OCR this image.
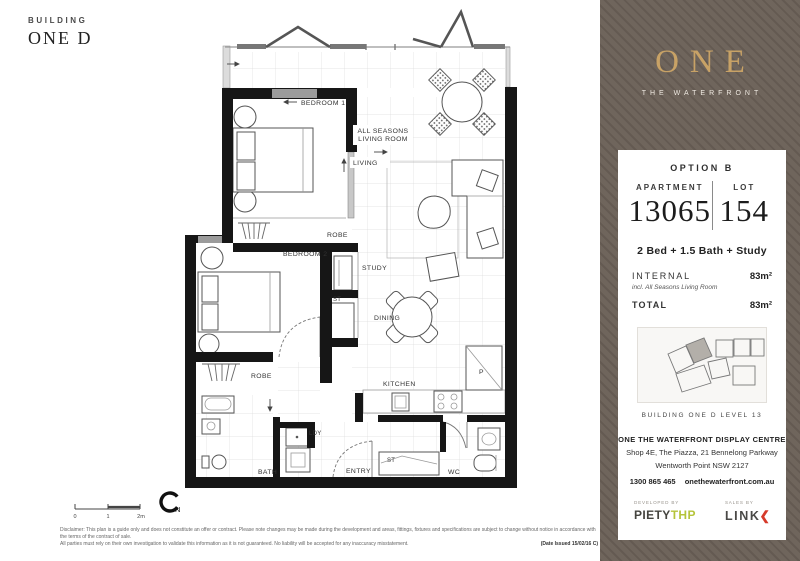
BUILDING
ONE D
BEDROOM 1
ALL SEASONS
LIVING ROOM
LIVING
ROBE
BEDROOM 2
STUDY
ST
DINING
ROBE
KITCHEN
P
LDY
BATH	ENTRY
ST
WC
0	1	2m
N
Disclaimer: This plan is a guide only and does not constitute an offer or contract. Please note changes may be made during the development and areas, fittings, fixtures and specifications are subject to change without notice in accordance with the terms of the contract of sale.
All parties must rely on their own investigation to validate this information as it is not guaranteed. No liability will be accepted for any inaccuracy misstatement.	(Date Issued 15/02/16 C)
ONE
THE WATERFRONT
OPTION B
APARTMENT
13065
LOT
154
2 Bed + 1.5 Bath + Study
INTERNAL	83m²
incl. All Seasons Living Room
TOTAL	83m²
BUILDING ONE D LEVEL 13
ONE THE WATERFRONT DISPLAY CENTRE
Shop 4E, The Piazza, 21 Bennelong Parkway
Wentworth Point NSW 2127
1300 865 465 onethewaterfront.com.au
DEVELOPED BY
PIETYTHP
SALES BY
LINK❮
